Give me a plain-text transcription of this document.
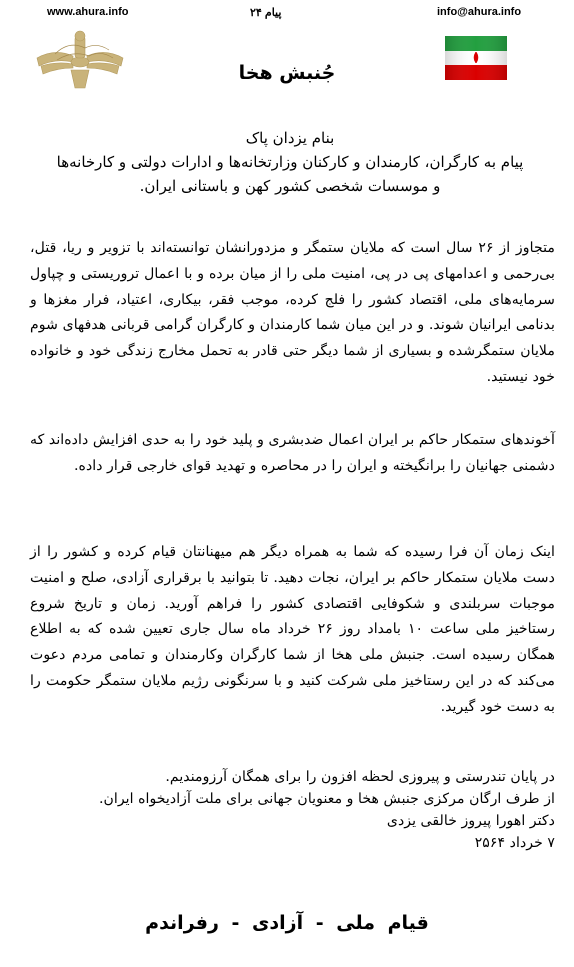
www.ahura.info	پیام ۲۴	info@ahura.info
جُنبش هخا
بنام یزدان پاک
پیام به کارگران، کارمندان و کارکنان وزارتخانه‌ها و ادارات دولتی و کارخانه‌ها
و موسسات شخصی کشور کهن و باستانی ایران.
متجاوز از ۲۶ سال است که ملایان ستمگر و مزدورانشان توانسته‌اند با تزویر و ریا، قتل، بی‌رحمی و اعدامهای پی در پی، امنیت ملی را از میان برده و با اعمال تروریستی و چپاول سرمایه‌های ملی، اقتصاد کشور را فلج کرده، موجب فقر، بیکاری، اعتیاد، فرار مغزها و بدنامی ایرانیان شوند. و در این میان شما کارمندان و کارگران گرامی قربانی هدفهای شوم ملایان ستمگرشده و بسیاری از شما دیگر حتی قادر به تحمل مخارج زندگی خود و خانواده خود نیستید.
آخوندهای ستمکار حاکم بر ایران اعمال ضدبشری و پلید خود را به حدی افزایش داده‌اند که دشمنی جهانیان را برانگیخته و ایران را در محاصره و تهدید قوای خارجی قرار داده.
اینک زمان آن فرا رسیده که شما به همراه دیگر هم میهنانتان قیام کرده و کشور را از دست ملایان ستمکار حاکم بر ایران، نجات دهید. تا بتوانید با برقراری آزادی، صلح و امنیت موجبات سربلندی و شکوفایی اقتصادی کشور را فراهم آورید. زمان و تاریخ شروع رستاخیز ملی ساعت ۱۰ بامداد روز ۲۶ خرداد ماه سال جاری تعیین شده که به اطلاع همگان رسیده است. جنبش ملی هخا از شما کارگران وکارمندان و تمامی مردم دعوت می‌کند که در این رستاخیز ملی شرکت کنید و با سرنگونی رژیم ملایان ستمگر حکومت را به دست خود گیرید.
در پایان تندرستی و پیروزی لحظه افزون را برای همگان آرزومندیم.
از طرف ارگان مرکزی جنبش هخا و معنویان جهانی برای ملت آزادیخواه ایران.
دکتر اهورا پیروز خالقی یزدی
۷ خرداد ۲۵۶۴
قیام ملی - آزادی - رفراندم
